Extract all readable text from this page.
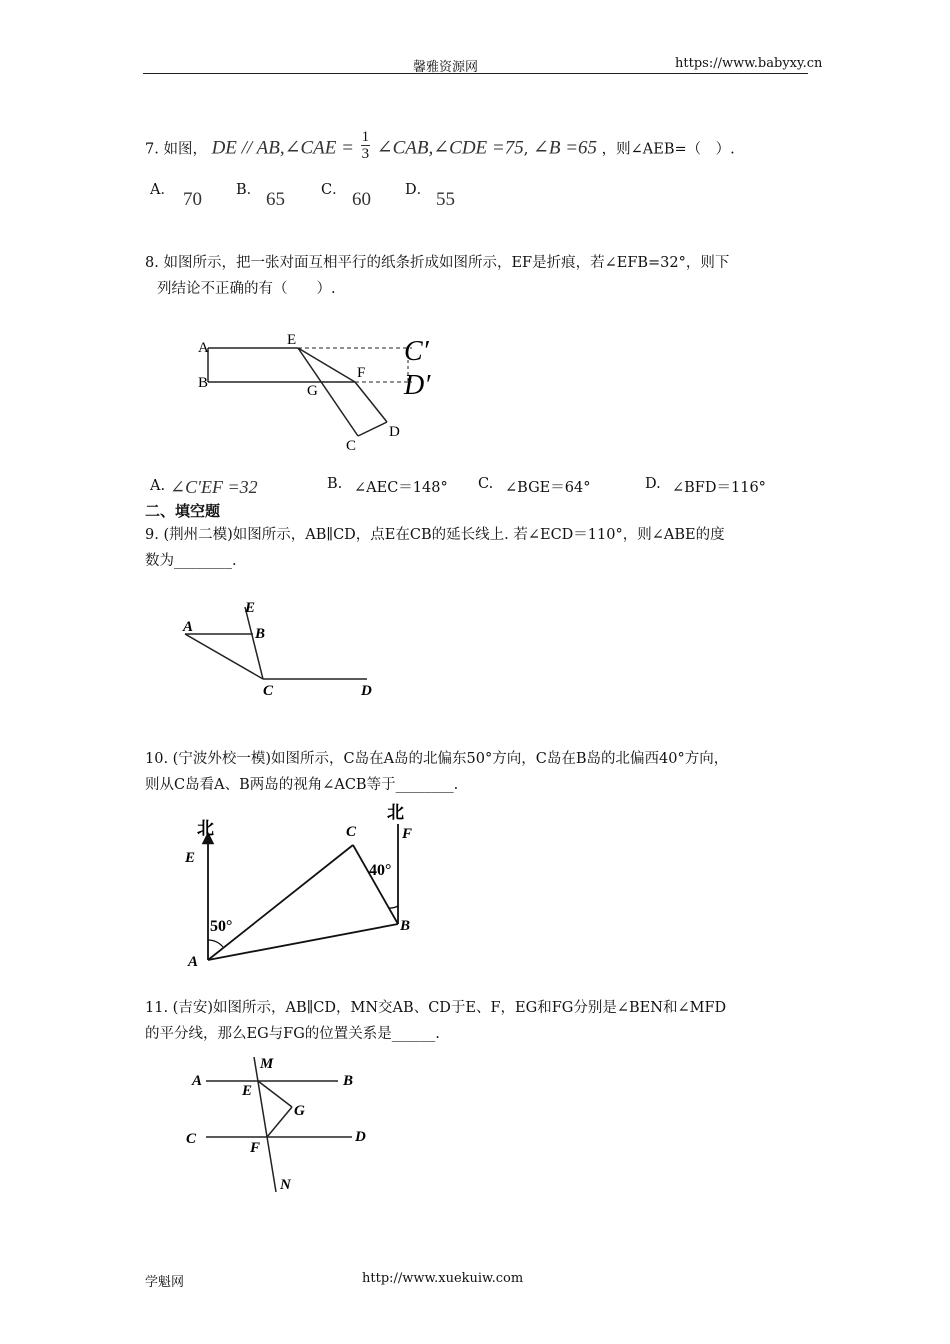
馨雅资源网	https://www.babyxy.cn
7. 如图， DE // AB,∠CAE = $\frac{1}{3}$ ∠CAB,∠CDE =75, ∠B =65 ，则∠AEB=（　）.
A． 70 B． 65 C． 60 D． 55
8. 如图所示，把一张对面互相平行的纸条折成如图所示，EF是折痕，若∠EFB=32°，则下
列结论不正确的有（　　）.
A
B
E
F
G
C
D
C′
D′
A. ∠C′EF =32	B. ∠AEC＝148° C. ∠BGE＝64°	D. ∠BFD＝116°
二、填空题
9. (荆州二模)如图所示，AB∥CD，点E在CB的延长线上. 若∠ECD＝110°，则∠ABE的度
数为________.
A	B
C	D
E
10. (宁波外校一模)如图所示，C岛在A岛的北偏东50°方向，C岛在B岛的北偏西40°方向，
则从C岛看A、B两岛的视角∠ACB等于________.
北
北
E
F
C
A
B
50°
40°
11. (吉安)如图所示，AB∥CD，MN交AB、CD于E、F，EG和FG分别是∠BEN和∠MFD
的平分线，那么EG与FG的位置关系是______.
A	B
C	D
M
N
E
F
G
学魁网	http://www.xuekuiw.com
